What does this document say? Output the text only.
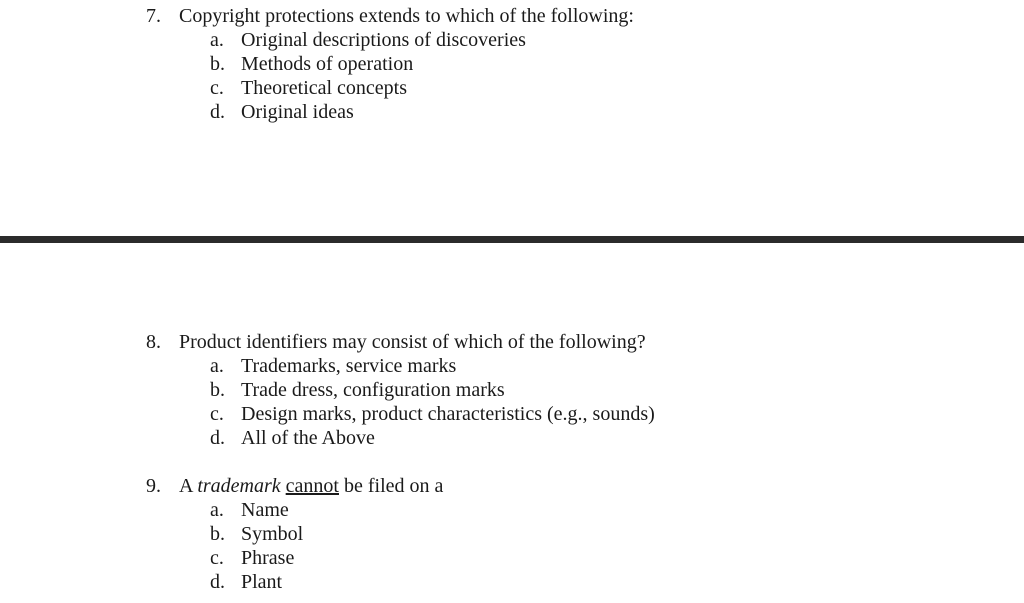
7. Copyright protections extends to which of the following:
a. Original descriptions of discoveries
b. Methods of operation
c. Theoretical concepts
d. Original ideas
8. Product identifiers may consist of which of the following?
a. Trademarks, service marks
b. Trade dress, configuration marks
c. Design marks, product characteristics (e.g., sounds)
d. All of the Above
9. A trademark cannot be filed on a
a. Name
b. Symbol
c. Phrase
d. Plant
